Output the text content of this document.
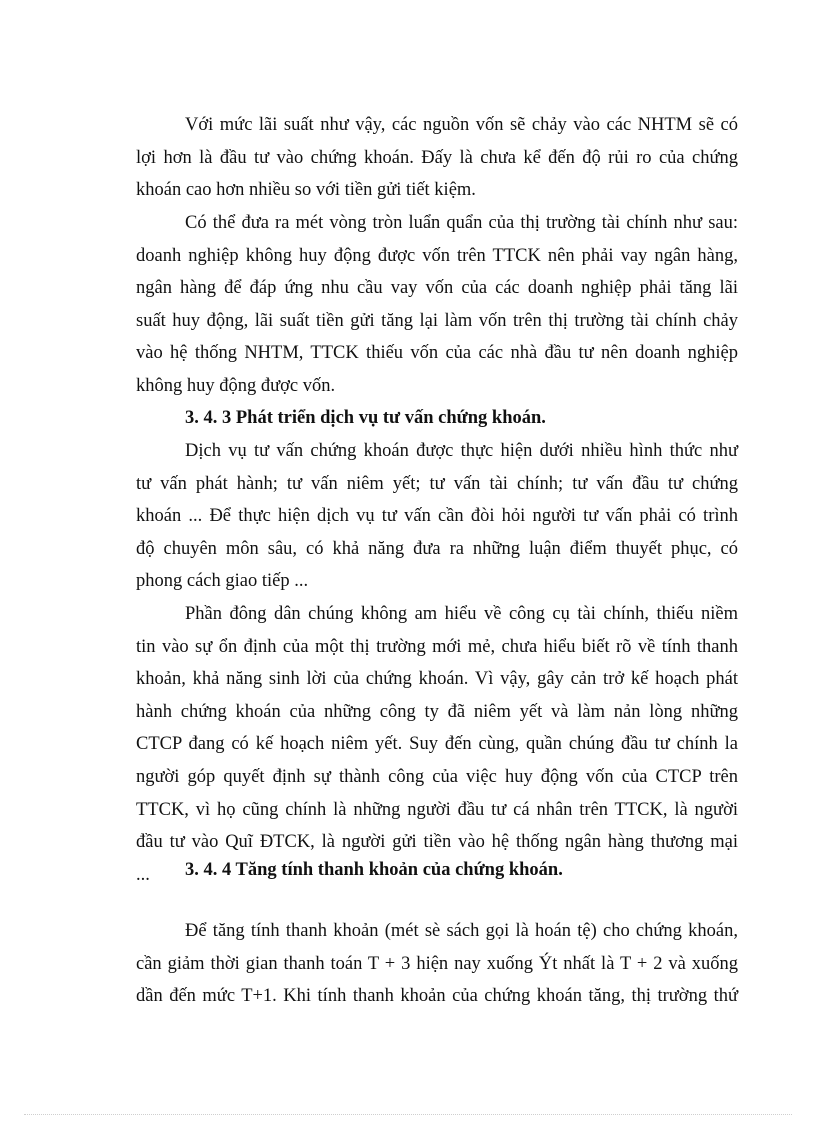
Với mức lãi suất như vậy, các nguồn vốn sẽ chảy vào các NHTM sẽ có
lợi hơn là đầu tư vào chứng khoán. Đấy là chưa kể đến độ rủi ro của chứng
khoán cao hơn nhiều so với tiền gửi tiết kiệm.
Có thể đưa ra mét vòng tròn luẩn quẩn của thị trường tài chính như sau:
doanh nghiệp không huy động được vốn trên TTCK nên phải vay ngân hàng,
ngân hàng để đáp ứng nhu cầu vay vốn của các doanh nghiệp phải tăng lãi
suất huy động, lãi suất tiền gửi tăng lại làm vốn trên thị trường tài chính chảy
vào hệ thống NHTM, TTCK thiếu vốn của các nhà đầu tư nên doanh nghiệp
không huy động được vốn.
3. 4. 3 Phát triển dịch vụ tư vấn chứng khoán.
Dịch vụ tư vấn chứng khoán được thực hiện dưới nhiều hình thức như
tư vấn phát hành; tư vấn niêm yết; tư vấn tài chính; tư vấn đầu tư chứng
khoán ... Để thực hiện dịch vụ tư vấn cần đòi hỏi người tư vấn phải có trình
độ chuyên môn sâu, có khả năng đưa ra những luận điểm thuyết phục, có
phong cách giao tiếp ...
Phần đông dân chúng không am hiểu về công cụ tài chính, thiếu niềm
tin vào sự ổn định của một thị trường mới mẻ, chưa hiểu biết rõ về tính thanh
khoản, khả năng sinh lời của chứng khoán. Vì vậy, gây cản trở kế hoạch phát
hành chứng khoán của những công ty đã niêm yết và làm nản lòng những
CTCP đang có kế hoạch niêm yết. Suy đến cùng, quần chúng đầu tư chính la
người góp quyết định sự thành công của việc huy động vốn của CTCP trên
TTCK, vì họ cũng chính là những người đầu tư cá nhân trên TTCK, là người
đầu tư vào Quĩ ĐTCK, là người gửi tiền vào hệ thống ngân hàng thương mại
...	3. 4. 4 Tăng tính thanh khoản của chứng khoán.
Để tăng tính thanh khoản (mét sè sách gọi là hoán tệ) cho chứng khoán,
cần giảm thời gian thanh toán T + 3 hiện nay xuống Ýt nhất là T + 2 và xuống
dần đến mức T+1. Khi tính thanh khoản của chứng khoán tăng, thị trường thứ
